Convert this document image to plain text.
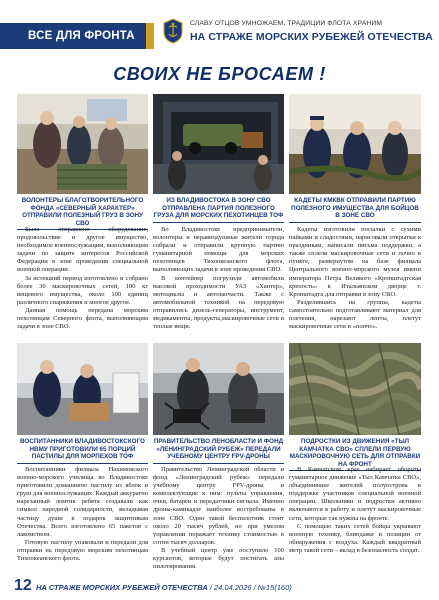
ВСЕ ДЛЯ ФРОНТА
СЛАВУ ОТЦОВ УМНОЖАЕМ, ТРАДИЦИИ ФЛОТА ХРАНИМ
НА СТРАЖЕ МОРСКИХ РУБЕЖЕЙ ОТЕЧЕСТВА
СВОИХ НЕ БРОСАЕМ !
ВОЛОНТЕРЫ БЛАГОТВОРИТЕЛЬНОГО ФОНДА «СЕВЕРНЫЙ ХАРАКТЕР» ОТПРАВИЛИ ПОЛЕЗНЫЙ ГРУЗ В ЗОНУ СВО

Было отправлено оборудование, продовольствие и другое имущество, необходимое военнослужащим, выполняющим задачи по защите интересов Российской Федерации в зоне проведения специальной военной операции.

За истекший период изготовлено и собрано более 30 маскировочных сетей, 100 кг вещевого имущества, около 100 единиц различного снаряжения и многое другое.

Данная помощь передана морским пехотинцам Северного флота, выполняющим задачи в зоне СВО.

ИЗ ВЛАДИВОСТОКА В ЗОНУ СВО ОТПРАВЛЕНА ПАРТИЯ ПОЛЕЗНОГО ГРУЗА ДЛЯ МОРСКИХ ПЕХОТИНЦЕВ ТОФ

Во Владивостоке предприниматели, волонтеры и неравнодушные жители города собрали и отправили крупную партию гуманитарной помощи для морских пехотинцев Тихоокеанского флота, выполняющих задачи в зоне проведения СВО.

В контейнер погрузили автомобили высокой проходимости УАЗ «Хантер», мотоциклы и автозапчасти. Также с автомобильной техникой на передовую отправились дизель-генераторы, инструмент, медикаменты, продукты,маскировочные сети и теплые вещи.

КАДЕТЫ КМКВК ОТПРАВИЛИ ПАРТИЮ ПОЛЕЗНОГО ИМУЩЕСТВА ДЛЯ БОЙЦОВ В ЗОНЕ СВО

Кадеты изготовили посылки с сухими пайками и сладостями, нарисовали открытки к праздникам, написали письма поддержки, а также сплели маскировочные сети и почно в пункте, развернутом на базе филиала Центрального военно-морского музея имени императора Петра Великого «Кронштадтская крепость» в Итальянском дворце г. Кронштадта для отправки в зону СВО.

Разделившись на группы, кадеты самостоятельно подготавливают материал для плетения, нарезают ленты, плетут маскировочные сети и «пончо».

ВОСПИТАННИКИ ВЛАДИВОСТОКСКОГО НВМУ ПРИГОТОВИЛИ 65 ПОРЦИЙ ПАСТИЛЫ ДЛЯ МОРПЕХОВ ТОФ

Воспитанники филиала Нахимовского военно-морского училища во Владивостоке приготовили домашнюю пастилу из яблок и груш для военнослужащих. Каждый аккуратно нарезанный ломтик ребята создавали как символ народной солидарности, вкладывая частицу души в подарок защитникам Отечества. Всего изготовлено 65 пакетов с лакомством.

Готовую пастилу упаковали и передали для отправки на передовую морским пехотинцам Тихоокеанского флота.

ПРАВИТЕЛЬСТВО ЛЕНОБЛАСТИ И ФОНД «ЛЕНИНГРАДСКИЙ РУБЕЖ» ПЕРЕДАЛИ УЧЕБНОМУ ЦЕНТРУ FPV-ДРОНЫ

Правительство Ленинградской области и фонд «Ленинградский рубеж» передали учебному центру FPV-дроны и комплектующие к ним: пульты управления, очки, батареи и передатчики сигнала. Именно дроны-камикадзе наиболее востребованы в зоне СВО. Один такой беспилотник стоит около 20 тысяч рублей, но при умелом управлении поражает технику стоимостью в сотни тысяч долларов.

В учебный центр уже поступило 100 курсантов, которые будут постигать азы пилотирования.

ПОДРОСТКИ ИЗ ДВИЖЕНИЯ «ТЫЛ КАМЧАТКА СВО» СПЛЕЛИ ПЕРВУЮ МАСКИРОВОЧНУЮ СЕТЬ ДЛЯ ОТПРАВКИ НА ФРОНТ

В Камчатском крае набирает обороты гуманитарное движение «Тыл Камчатка СВО», объединившее жителей полуострова в поддержке участников специальной военной операции. Школьники и подростки активно включаются в работу и плетут маскировочные сети, которые так нужны на фронте.

С помощью таких сетей бойцы укрывают военную технику, блиндажи и позиции от обнаружения с воздуха. Каждый квадратный метр такой сети – вклад в безопасность солдат.

12 НА СТРАЖЕ МОРСКИХ РУБЕЖЕЙ ОТЕЧЕСТВА / 24.04.2026 / №15(160)
